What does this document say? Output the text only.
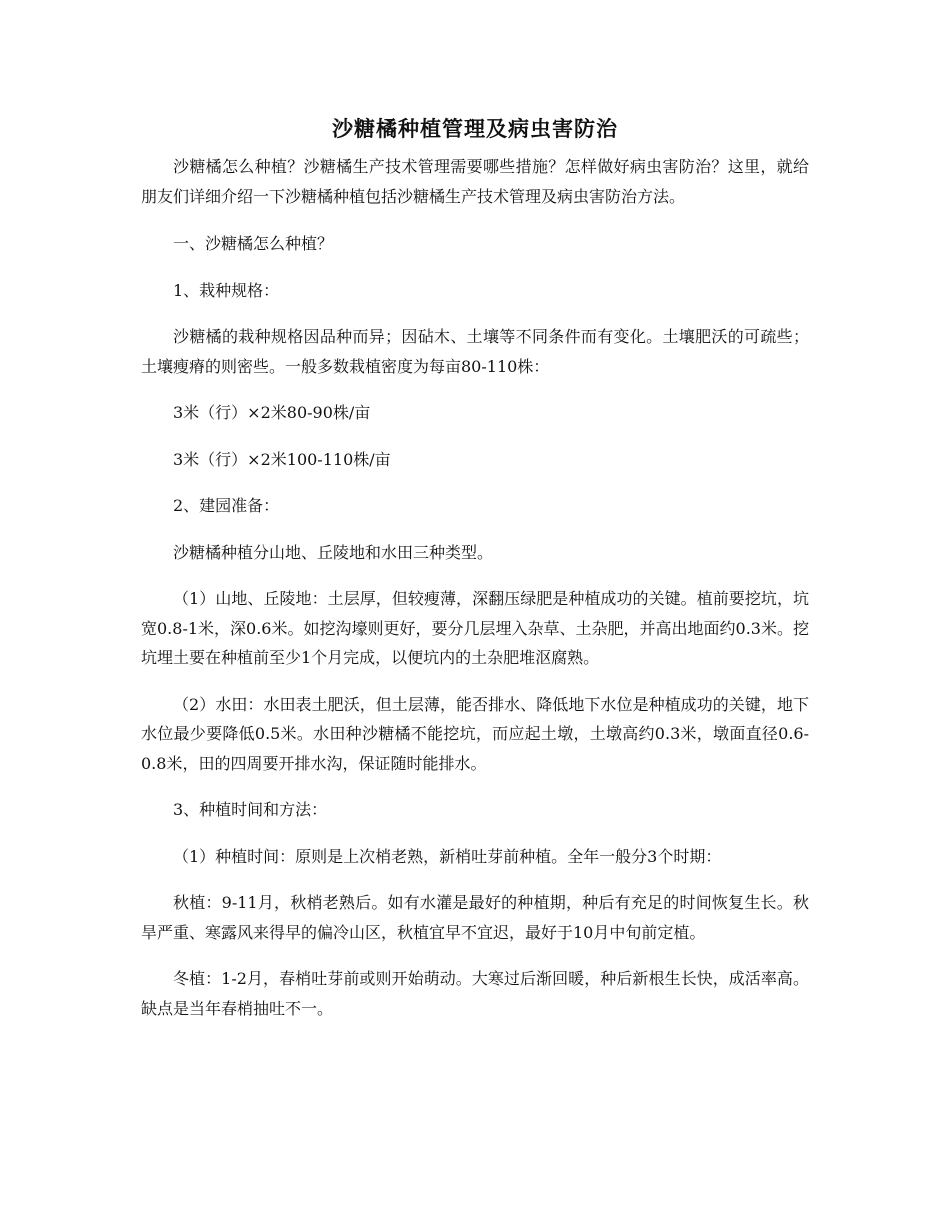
沙糖橘种植管理及病虫害防治

沙糖橘怎么种植？沙糖橘生产技术管理需要哪些措施？怎样做好病虫害防治？这里，就给朋友们详细介绍一下沙糖橘种植包括沙糖橘生产技术管理及病虫害防治方法。

一、沙糖橘怎么种植？

1、栽种规格：

沙糖橘的栽种规格因品种而异；因砧木、土壤等不同条件而有变化。土壤肥沃的可疏些；土壤瘦瘠的则密些。一般多数栽植密度为每亩80-110株：

3米（行）×2米80-90株/亩

3米（行）×2米100-110株/亩

2、建园准备：

沙糖橘种植分山地、丘陵地和水田三种类型。

（1）山地、丘陵地：土层厚，但较瘦薄，深翻压绿肥是种植成功的关键。植前要挖坑，坑宽0.8-1米，深0.6米。如挖沟壕则更好，要分几层埋入杂草、土杂肥，并高出地面约0.3米。挖坑埋土要在种植前至少1个月完成，以便坑内的土杂肥堆沤腐熟。

（2）水田：水田表土肥沃，但土层薄，能否排水、降低地下水位是种植成功的关键，地下水位最少要降低0.5米。水田种沙糖橘不能挖坑，而应起土墩，土墩高约0.3米，墩面直径0.6-0.8米，田的四周要开排水沟，保证随时能排水。

3、种植时间和方法：

（1）种植时间：原则是上次梢老熟，新梢吐芽前种植。全年一般分3个时期：

秋植：9-11月，秋梢老熟后。如有水灌是最好的种植期，种后有充足的时间恢复生长。秋旱严重、寒露风来得早的偏冷山区，秋植宜早不宜迟，最好于10月中旬前定植。

冬植：1-2月，春梢吐芽前或则开始萌动。大寒过后渐回暖，种后新根生长快，成活率高。缺点是当年春梢抽吐不一。
